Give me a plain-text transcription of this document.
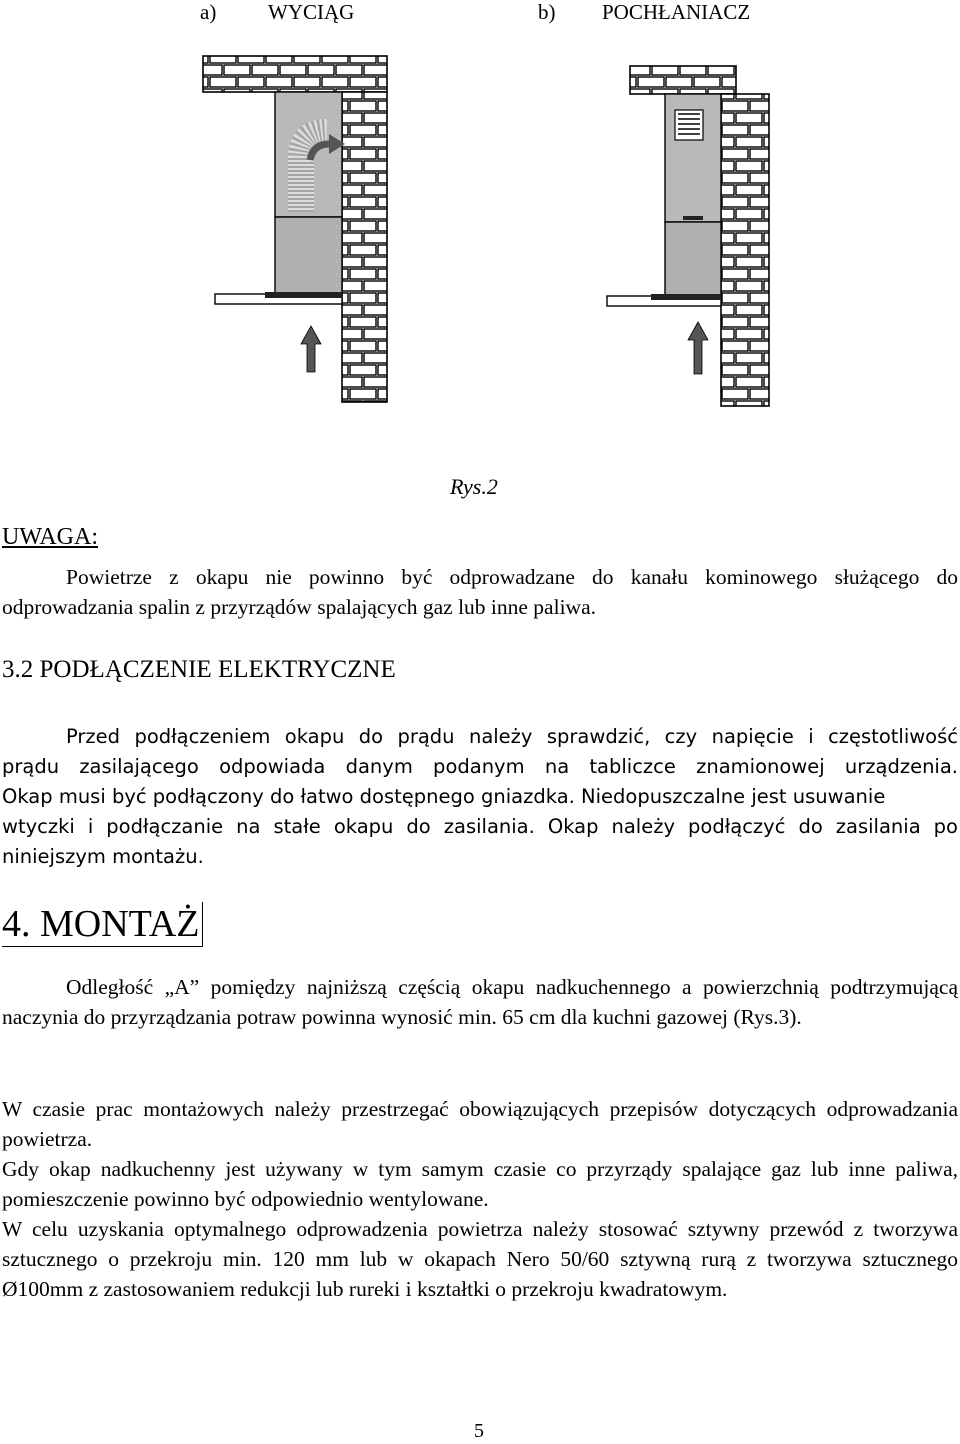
a) WYCIĄG	b) POCHŁANIACZ
Rys.2
UWAGA:

Powietrze z okapu nie powinno być odprowadzane do kanału kominowego służącego do odprowadzania spalin z przyrządów spalających gaz lub inne paliwa.

3.2 PODŁĄCZENIE ELEKTRYCZNE
Przed podłączeniem okapu do prądu należy sprawdzić, czy napięcie i częstotliwość
prądu zasilającego odpowiada danym podanym na tabliczce znamionowej urządzenia.
Okap musi być podłączony do łatwo dostępnego gniazdka. Niedopuszczalne jest usuwanie
wtyczki i podłączanie na stałe okapu do zasilania. Okap należy podłączyć do zasilania po
niniejszym montażu.
4. MONTAŻ

Odległość „A” pomiędzy najniższą częścią okapu nadkuchennego a powierzchnią podtrzymującą naczynia do przyrządzania potraw powinna wynosić min. 65 cm dla kuchni gazowej (Rys.3).

W czasie prac montażowych należy przestrzegać obowiązujących przepisów dotyczących odprowadzania powietrza.

Gdy okap nadkuchenny jest używany w tym samym czasie co przyrządy spalające gaz lub inne paliwa, pomieszczenie powinno być odpowiednio wentylowane.

W celu uzyskania optymalnego odprowadzenia powietrza należy stosować sztywny przewód z tworzywa sztucznego o przekroju min. 120 mm lub w okapach Nero 50/60 sztywną rurą z tworzywa sztucznego Ø100mm z zastosowaniem redukcji lub rureki i kształtki o przekroju kwadratowym.

5
